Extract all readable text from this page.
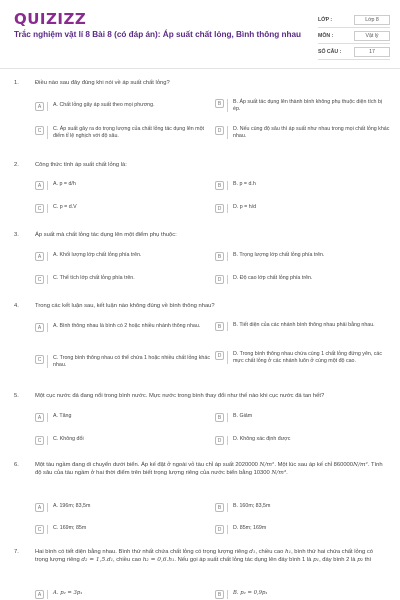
QUIZIZZ
Trắc nghiệm vật lí 8 Bài 8 (có đáp án): Áp suất chất lỏng, Bình thông nhau
LỚP :	Lớp 8
MÔN :	Vật lý
SỐ CÂU :	17
1.	Điều nào sau đây đúng khi nói về áp suất chất lỏng?
A	A. Chất lỏng gây áp suất theo mọi phương.	B	B. Áp suất tác dụng lên thành bình không phụ thuộc diện tích bị ép.
C	C. Áp suất gây ra do trọng lượng của chất lỏng tác dụng lên một điểm tỉ lệ nghịch với độ sâu.
D	D. Nếu cùng độ sâu thì áp suất như nhau trong mọi chất lỏng khác nhau.
2.	Công thức tính áp suất chất lỏng là:
A	A. p = d/h	B	B. p = d.h
C	C. p = d.V	D	D. p = h/d
3.	Áp suất mà chất lỏng tác dụng lên một điểm phụ thuộc:
A	A. Khối lượng lớp chất lỏng phía trên.	B	B. Trọng lượng lớp chất lỏng phía trên.
C	C. Thể tích lớp chất lỏng phía trên.	D	D. Độ cao lớp chất lỏng phía trên.
4.	Trong các kết luận sau, kết luận nào không đúng về bình thông nhau?
A	A. Bình thông nhau là bình có 2 hoặc nhiều nhánh thông nhau.	B	B. Tiết diện của các nhánh bình thông nhau phải bằng nhau.
C	C. Trong bình thông nhau có thể chứa 1 hoặc nhiều chất lỏng khác nhau.
D	D. Trong bình thông nhau chứa cùng 1 chất lỏng đứng yên, các mực chất lỏng ở các nhánh luôn ở cùng một độ cao.
5.	Một cục nước đá đang nổi trong bình nước. Mực nước trong bình thay đổi như thế nào khi cục nước đá tan hết?
A	A. Tăng	B	B. Giảm
C	C. Không đổi	D	D. Không xác định được
6.	Một tàu ngầm đang di chuyển dưới biển. Áp kế đặt ở ngoài vỏ tàu chỉ áp suất 2020000 N/m². Một lúc sau áp kế chỉ 860000N/m². Tính độ sâu của tàu ngầm ở hai thời điểm trên biết trọng lượng riêng của nước biển bằng 10300 N/m³.
A	A. 196m; 83,5m	B	B. 160m; 83,5m
C	C. 169m; 85m	D	D. 85m; 169m
7.	Hai bình có tiết diện bằng nhau. Bình thứ nhất chứa chất lỏng có trọng lượng riêng d₁, chiều cao h₁, bình thứ hai chứa chất lỏng có trọng lượng riêng d₂ = 1,5.d₁, chiều cao h₂ = 0,6.h₁. Nếu gọi áp suất chất lỏng tác dụng lên đáy bình 1 là p₁, đáy bình 2 là p₂ thì
A	A. p₂ = 3p₁	B	B. p₂ = 0,9p₁
